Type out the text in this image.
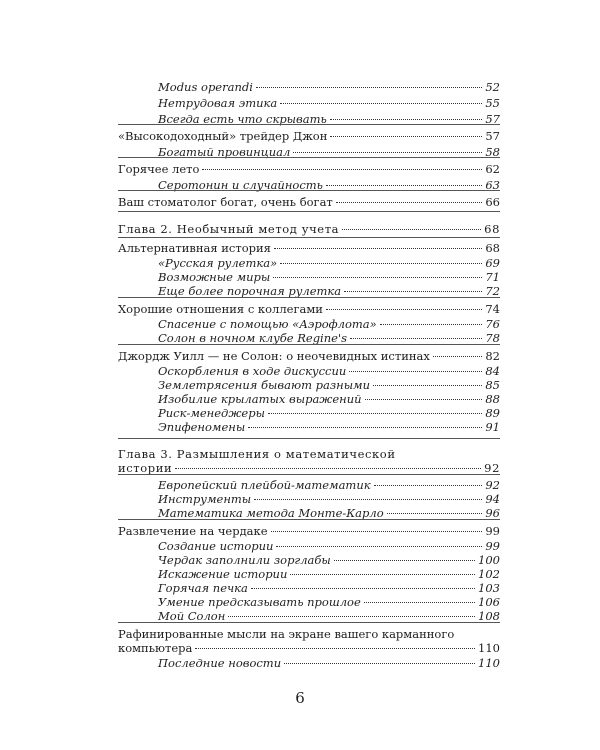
Modus operandi	52
Нетрудовая этика	55
Всегда есть что скрывать	57
«Высокодоходный» трейдер Джон	57
Богатый провинциал	58
Горячее лето	62
Серотонин и случайность	63
Ваш стоматолог богат, очень богат	66
Глава 2. Необычный метод учета	68
Альтернативная история	68
«Русская рулетка»	69
Возможные миры	71
Еще более порочная рулетка	72
Хорошие отношения с коллегами	74
Спасение с помощью «Аэрофлота»	76
Солон в ночном клубе Regine's	78
Джордж Уилл — не Солон: о неочевидных истинах	82
Оскорбления в ходе дискуссии	84
Землетрясения бывают разными	85
Изобилие крылатых выражений	88
Риск-менеджеры	89
Эпифеномены	91
Глава 3. Размышления о математической
истории	92
Европейский плейбой-математик	92
Инструменты	94
Математика метода Монте-Карло	96
Развлечение на чердаке	99
Создание истории	99
Чердак заполнили зорглабы	100
Искажение истории	102
Горячая печка	103
Умение предсказывать прошлое	106
Мой Солон	108
Рафинированные мысли на экране вашего карманного
компьютера	110
Последние новости	110
6
